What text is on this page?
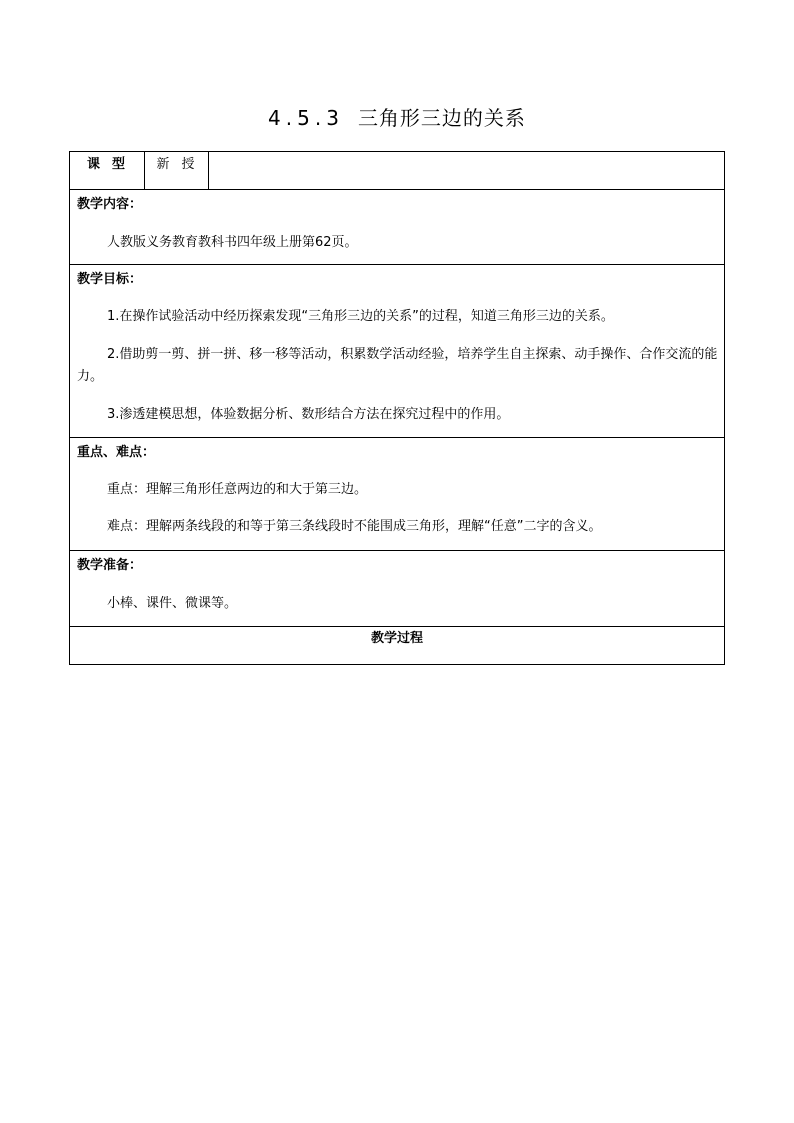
4.5.3 三角形三边的关系
课型	新授
教学内容：

人教版义务教育教科书四年级上册第62页。

教学目标：

1.在操作试验活动中经历探索发现“三角形三边的关系”的过程，知道三角形三边的关系。

2.借助剪一剪、拼一拼、移一移等活动，积累数学活动经验，培养学生自主探索、动手操作、合作交流的能力。

3.渗透建模思想，体验数据分析、数形结合方法在探究过程中的作用。

重点、难点：

重点：理解三角形任意两边的和大于第三边。

难点：理解两条线段的和等于第三条线段时不能围成三角形，理解“任意”二字的含义。

教学准备：

小棒、课件、微课等。

教学过程
